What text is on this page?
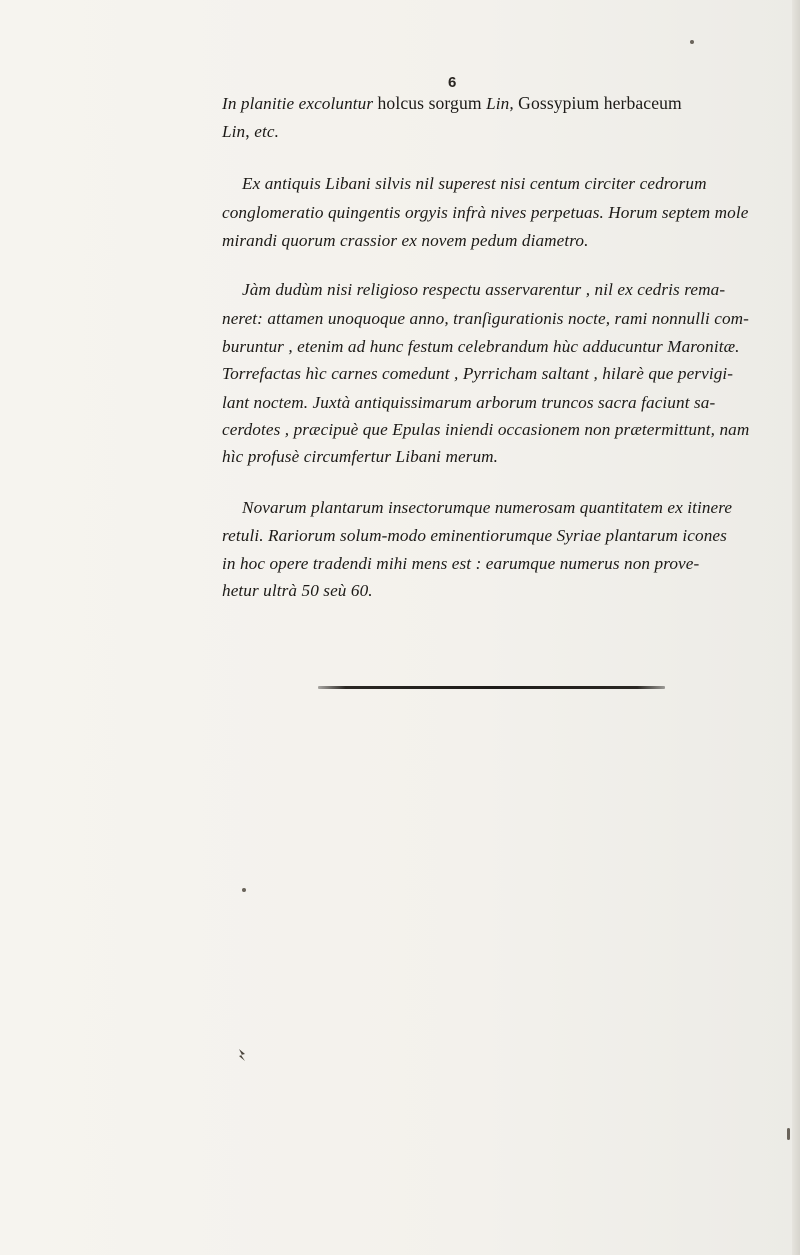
6
In planitie excoluntur holcus sorgum Lin, Gossypium herbaceum
Lin, etc.
Ex antiquis Libani silvis nil superest nisi centum circiter cedrorum
conglomeratio quingentis orgyis infrà nives perpetuas. Horum septem mole
mirandi quorum crassior ex novem pedum diametro.
Jàm dudùm nisi religioso respectu asservarentur , nil ex cedris rema-
neret: attamen unoquoque anno, tranſigurationis nocte, rami nonnulli com-
buruntur , etenim ad hunc festum celebrandum hùc adducuntur Maronitæ.
Torrefactas hìc carnes comedunt , Pyrricham saltant , hilarè que pervigi-
lant noctem. Juxtà antiquissimarum arborum truncos sacra faciunt sa-
cerdotes , præcipuè que Epulas iniendi occasionem non prætermittunt, nam
hìc profusè circumfertur Libani merum.
Novarum plantarum insectorumque numerosam quantitatem ex itinere
retuli. Rariorum solum-modo eminentiorumque Syriae plantarum icones
in hoc opere tradendi mihi mens est : earumque numerus non prove-
hetur ultrà 50 seù 60.
